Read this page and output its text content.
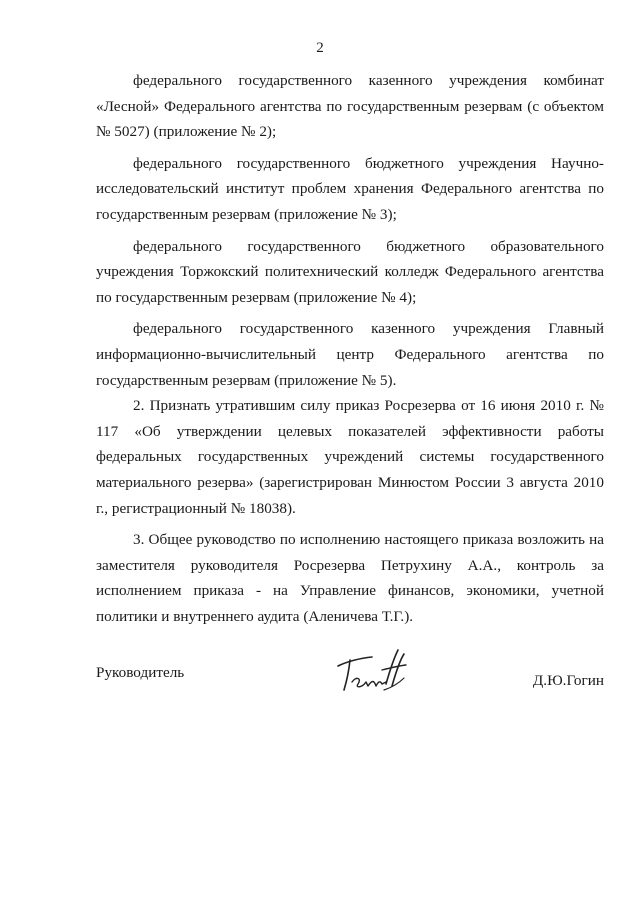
2

федерального государственного казенного учреждения комбинат «Лесной» Федерального агентства по государственным резервам (с объектом № 5027) (приложение № 2);

федерального государственного бюджетного учреждения Научно-исследовательский институт проблем хранения Федерального агентства по государственным резервам (приложение № 3);

федерального государственного бюджетного образовательного учреждения Торжокский политехнический колледж Федерального агентства по государственным резервам (приложение № 4);

федерального государственного казенного учреждения Главный информационно-вычислительный центр Федерального агентства по государственным резервам (приложение № 5).

2. Признать утратившим силу приказ Росрезерва от 16 июня 2010 г. № 117 «Об утверждении целевых показателей эффективности работы федеральных государственных учреждений системы государственного материального резерва» (зарегистрирован Минюстом России 3 августа 2010 г., регистрационный № 18038).

3. Общее руководство по исполнению настоящего приказа возложить на заместителя руководителя Росрезерва Петрухину А.А., контроль за исполнением приказа - на Управление финансов, экономики, учетной политики и внутреннего аудита (Аленичева Т.Г.).

Руководитель	Д.Ю.Гогин
